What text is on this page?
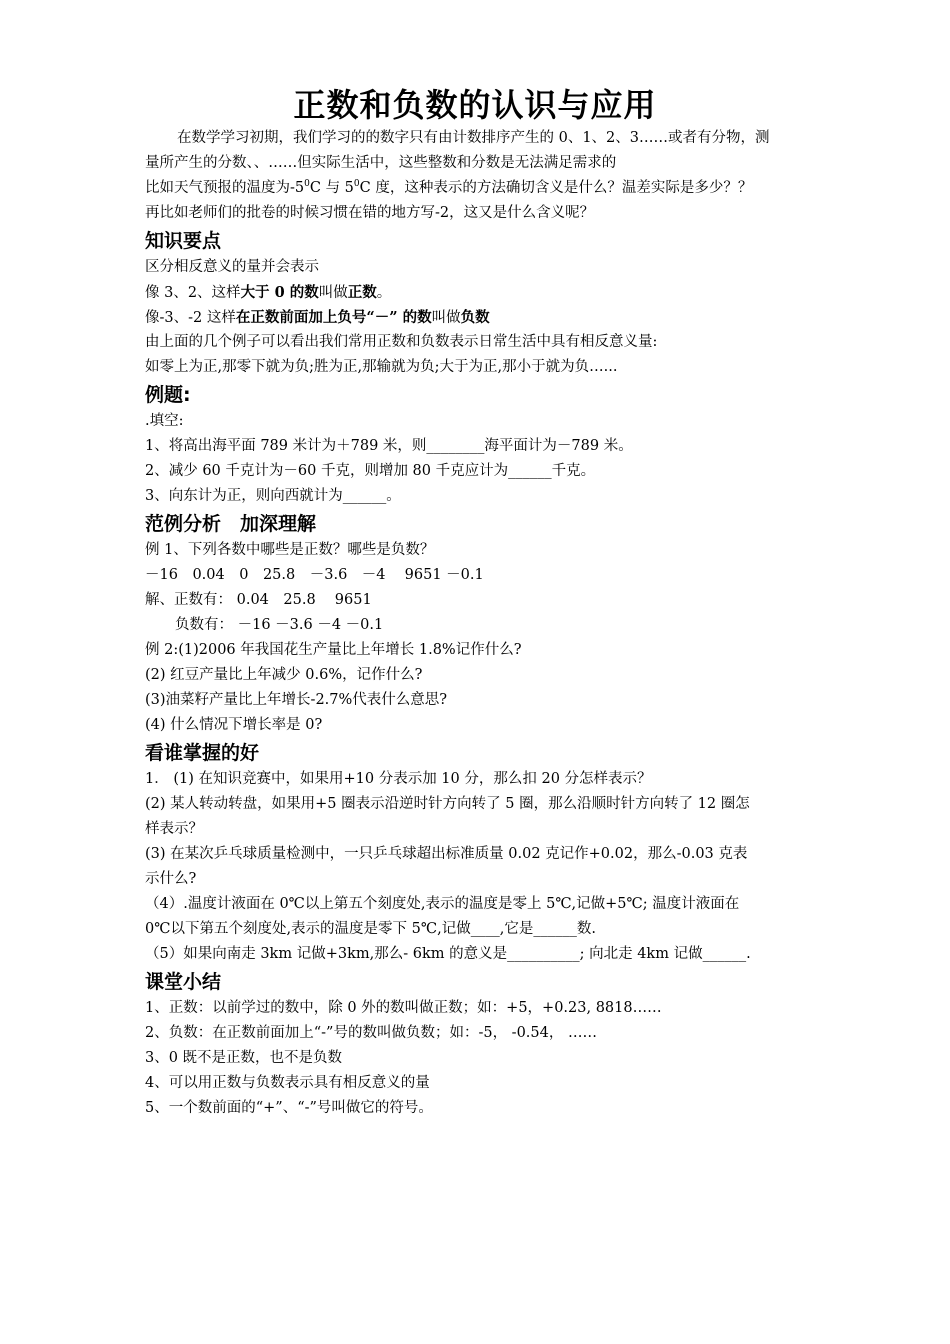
正数和负数的认识与应用
在数学学习初期，我们学习的的数字只有由计数排序产生的 0、1、2、3……或者有分物，测
量所产生的分数、、……但实际生活中，这些整数和分数是无法满足需求的
比如天气预报的温度为$-5^0C$ 与 $5^0C$ 度，这种表示的方法确切含义是什么？温差实际是多少？？
再比如老师们的批卷的时候习惯在错的地方写-2，这又是什么含义呢？
知识要点
区分相反意义的量并会表示
像 3、2、这样大于 0 的数叫做正数。
像-3、-2 这样在正数前面加上负号“－” 的数叫做负数
由上面的几个例子可以看出我们常用正数和负数表示日常生活中具有相反意义量:
如零上为正,那零下就为负;胜为正,那输就为负;大于为正,那小于就为负…...
例题:
.填空:
1、将高出海平面 789 米计为＋789 米，则________海平面计为－789 米。
2、减少 60 千克计为－60 千克，则增加 80 千克应计为______千克。
3、向东计为正，则向西就计为______。
范例分析　加深理解
例 1、下列各数中哪些是正数？哪些是负数？
－16　0.04　0　25.8　－3.6　－4　 9651 －0.1
解、正数有： 0.04　25.8　 9651
负数有： －16 －3.6 －4 －0.1
例 2:(1)2006 年我国花生产量比上年增长 1.8%记作什么?
(2) 红豆产量比上年减少 0.6%，记作什么?
(3)油菜籽产量比上年增长-2.7%代表什么意思?
(4) 什么情况下增长率是 0?
看谁掌握的好
1． (1) 在知识竞赛中，如果用+10 分表示加 10 分，那么扣 20 分怎样表示？
(2) 某人转动转盘，如果用+5 圈表示沿逆时针方向转了 5 圈，那么沿顺时针方向转了 12 圈怎
样表示？
(3) 在某次乒乓球质量检测中，一只乒乓球超出标准质量 0.02 克记作+0.02，那么-0.03 克表
示什么?
（4）.温度计液面在 0℃以上第五个刻度处,表示的温度是零上 5℃,记做+5℃; 温度计液面在
0℃以下第五个刻度处,表示的温度是零下 5℃,记做____,它是______数.
（5）如果向南走 3km 记做+3km,那么- 6km 的意义是__________; 向北走 4km 记做______.
课堂小结
1、正数：以前学过的数中，除 0 外的数叫做正数；如：+5，+0.23, 8818……
2、负数：在正数前面加上“-”号的数叫做负数；如：-5， -0.54， ……
3、0 既不是正数，也不是负数
4、可以用正数与负数表示具有相反意义的量
5、一个数前面的“+”、“-”号叫做它的符号。
